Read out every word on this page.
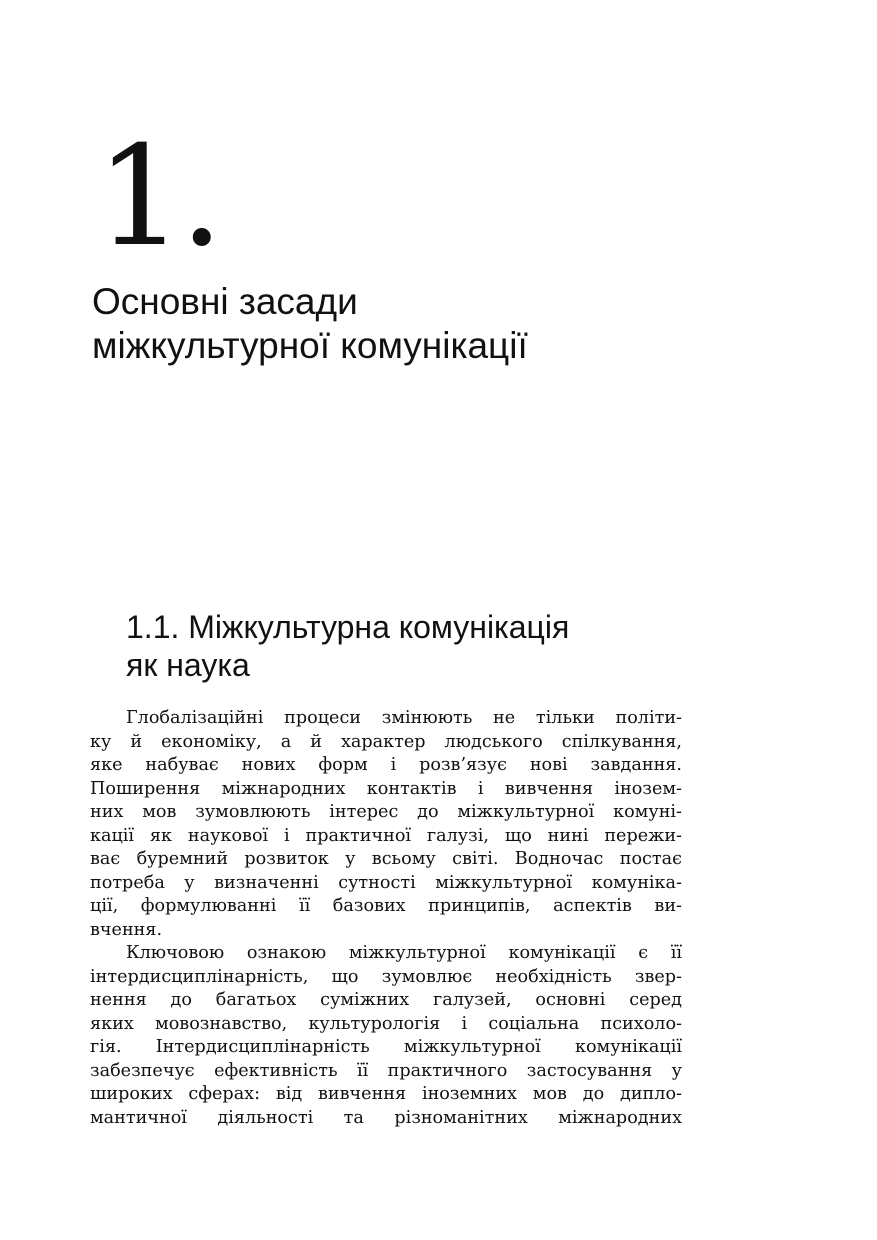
1.
Основні засади
міжкультурної комунікації
1.1. Міжкультурна комунікація
як наука
Глобалізаційні процеси змінюють не тільки політи-
ку й економіку, а й характер людського спілкування,
яке набуває нових форм і розв’язує нові завдання.
Поширення міжнародних контактів і вивчення інозем-
них мов зумовлюють інтерес до міжкультурної комуні-
кації як наукової і практичної галузі, що нині пережи-
ває буремний розвиток у всьому світі. Водночас постає
потреба у визначенні сутності міжкультурної комуніка-
ції, формулюванні її базових принципів, аспектів ви-
вчення.
Ключовою ознакою міжкультурної комунікації є її
інтердисциплінарність, що зумовлює необхідність звер-
нення до багатьох суміжних галузей, основні серед
яких мовознавство, культурологія і соціальна психоло-
гія. Інтердисциплінарність міжкультурної комунікації
забезпечує ефективність її практичного застосування у
широких сферах: від вивчення іноземних мов до дипло-
мантичної діяльності та різноманітних міжнародних
